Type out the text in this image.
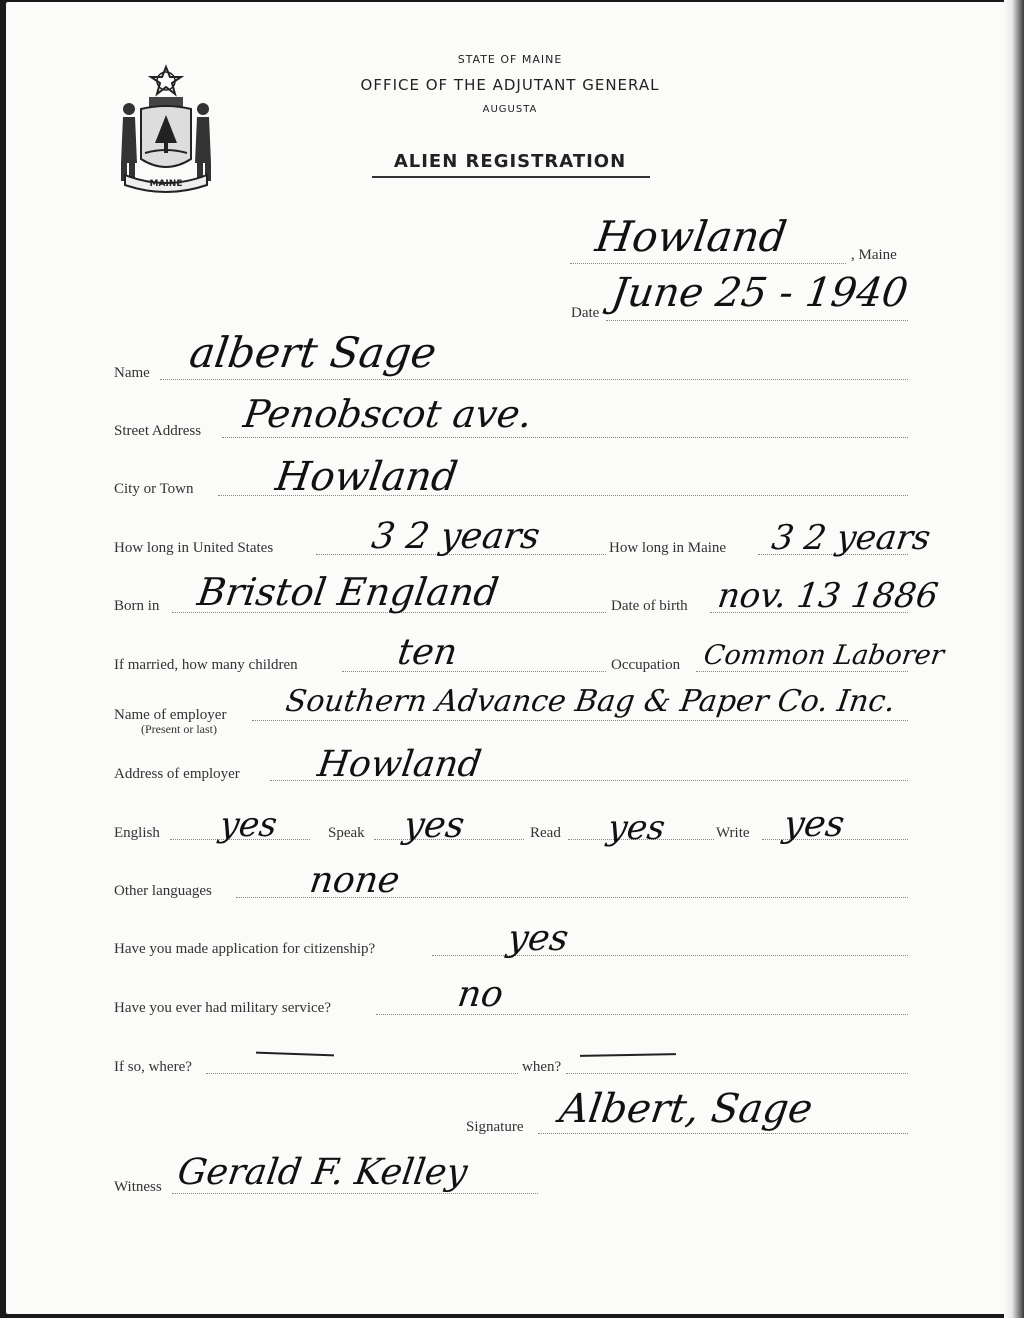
MAINE
STATE OF MAINE
OFFICE OF THE ADJUTANT GENERAL
AUGUSTA
ALIEN REGISTRATION
Howland	, Maine
Date June 25 - 1940
Name albert Sage
Street Address Penobscot ave.
City or Town Howland
How long in United States	3 2 years	How long in Maine 3 2 years
Born in Bristol England	Date of birth nov. 13 1886
If married, how many children	ten	Occupation Common Laborer
Name of employer
(Present or last)
Southern Advance Bag & Paper Co. Inc.
Address of employer Howland
English yes	Speak yes	Read yes	Write yes
Other languages	none
Have you made application for citizenship?	yes
Have you ever had military service?	no
If so, where?	when?
Signature Albert, Sage
Witness Gerald F. Kelley
